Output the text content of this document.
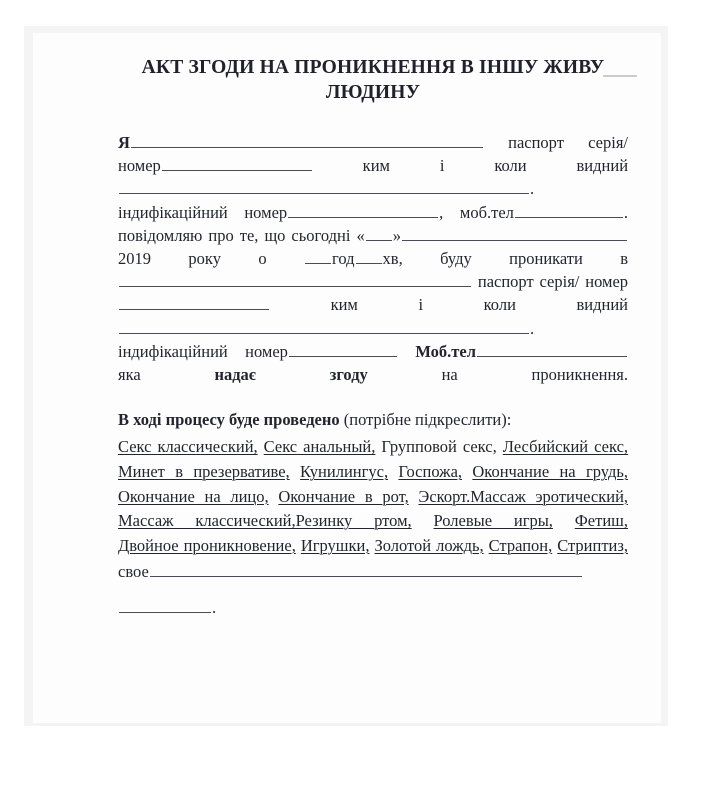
АКТ ЗГОДИ НА ПРОНИКНЕННЯ В ІНШУ ЖИВУ ЛЮДИНУ

Я	паспорт серія/номер	ким	і	коли	видний. індифікаційний номер	, моб.тел	. повідомляю про те, що сьогодні « »2019 року о	год хв, буду проникати в

паспорт серія/ номер ким	і	коли	видний. індифікаційний номер	Моб.тел яка	надає	згоду	на	проникнення.

В ході процесу буде проведено (потрібне підкреслити):

Секс классический, Секс анальный, Групповой секс, Лесбийский секс, Минет в презервативе, Кунилингус, Госпожа, Окончание на грудь, Окончание на лицо, Окончание в рот, Эскорт.Массаж эротический, Массаж классический,Резинку ртом, Ролевые игры, Фетиш, Двойное проникновение, Игрушки, Золотой лождь, Страпон, Стриптиз,

свое

.
